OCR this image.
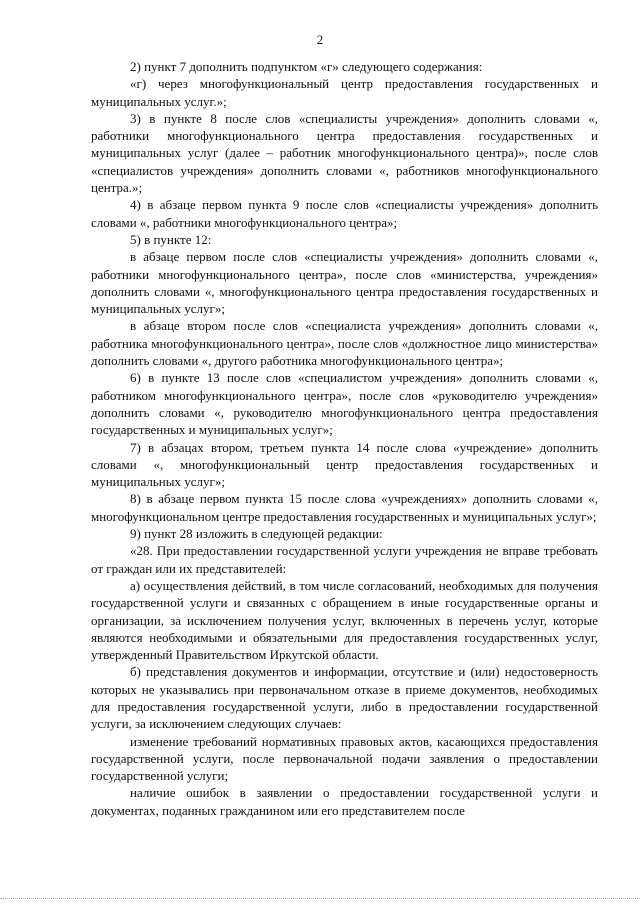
2

2) пункт 7 дополнить подпунктом «г» следующего содержания:

«г) через многофункциональный центр предоставления государственных и муниципальных услуг.»;

3) в пункте 8 после слов «специалисты учреждения» дополнить словами «, работники многофункционального центра предоставления государственных и муниципальных услуг (далее – работник многофункционального центра)», после слов «специалистов учреждения» дополнить словами «, работников многофункционального центра.»;

4) в абзаце первом пункта 9 после слов «специалисты учреждения» дополнить словами «, работники многофункционального центра»;

5) в пункте 12:

в абзаце первом после слов «специалисты учреждения» дополнить словами «, работники многофункционального центра», после слов «министерства, учреждения» дополнить словами «, многофункционального центра предоставления государственных и муниципальных услуг»;

в абзаце втором после слов «специалиста учреждения» дополнить словами «, работника многофункционального центра», после слов «должностное лицо министерства» дополнить словами «, другого работника многофункционального центра»;

6) в пункте 13 после слов «специалистом учреждения» дополнить словами «, работником многофункционального центра», после слов «руководителю учреждения» дополнить словами «, руководителю многофункционального центра предоставления государственных и муниципальных услуг»;

7) в абзацах втором, третьем пункта 14 после слова «учреждение» дополнить словами «, многофункциональный центр предоставления государственных и муниципальных услуг»;

8) в абзаце первом пункта 15 после слова «учреждениях» дополнить словами «, многофункциональном центре предоставления государственных и муниципальных услуг»;

9) пункт 28 изложить в следующей редакции:

«28. При предоставлении государственной услуги учреждения не вправе требовать от граждан или их представителей:

а) осуществления действий, в том числе согласований, необходимых для получения государственной услуги и связанных с обращением в иные государственные органы и организации, за исключением получения услуг, включенных в перечень услуг, которые являются необходимыми и обязательными для предоставления государственных услуг, утвержденный Правительством Иркутской области.

б) представления документов и информации, отсутствие и (или) недостоверность которых не указывались при первоначальном отказе в приеме документов, необходимых для предоставления государственной услуги, либо в предоставлении государственной услуги, за исключением следующих случаев:

изменение требований нормативных правовых актов, касающихся предоставления государственной услуги, после первоначальной подачи заявления о предоставлении государственной услуги;

наличие ошибок в заявлении о предоставлении государственной услуги и документах, поданных гражданином или его представителем после
